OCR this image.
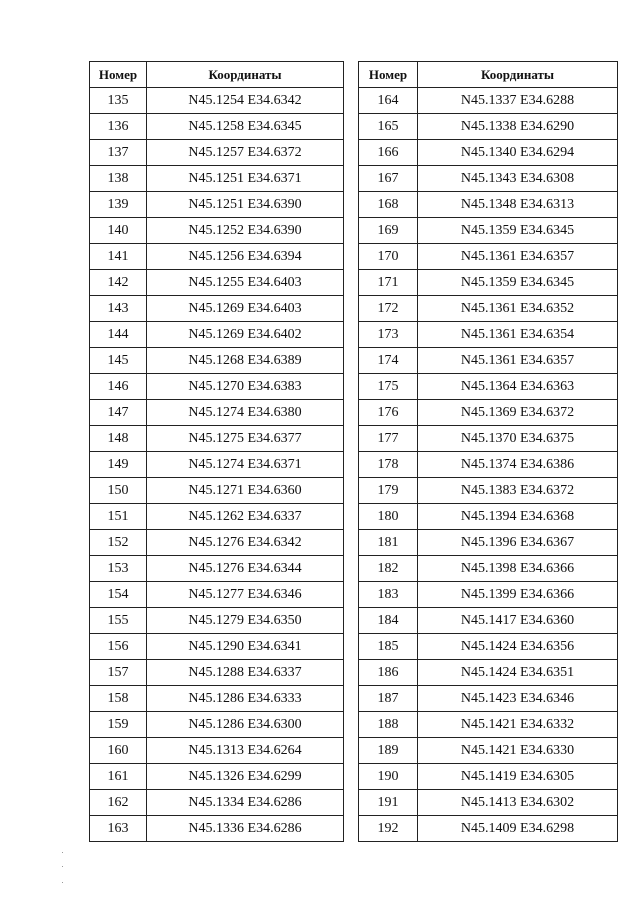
Номер	Координаты
135	N45.1254 E34.6342
136	N45.1258 E34.6345
137	N45.1257 E34.6372
138	N45.1251 E34.6371
139	N45.1251 E34.6390
140	N45.1252 E34.6390
141	N45.1256 E34.6394
142	N45.1255 E34.6403
143	N45.1269 E34.6403
144	N45.1269 E34.6402
145	N45.1268 E34.6389
146	N45.1270 E34.6383
147	N45.1274 E34.6380
148	N45.1275 E34.6377
149	N45.1274 E34.6371
150	N45.1271 E34.6360
151	N45.1262 E34.6337
152	N45.1276 E34.6342
153	N45.1276 E34.6344
154	N45.1277 E34.6346
155	N45.1279 E34.6350
156	N45.1290 E34.6341
157	N45.1288 E34.6337
158	N45.1286 E34.6333
159	N45.1286 E34.6300
160	N45.1313 E34.6264
161	N45.1326 E34.6299
162	N45.1334 E34.6286
163	N45.1336 E34.6286
Номер	Координаты
164	N45.1337 E34.6288
165	N45.1338 E34.6290
166	N45.1340 E34.6294
167	N45.1343 E34.6308
168	N45.1348 E34.6313
169	N45.1359 E34.6345
170	N45.1361 E34.6357
171	N45.1359 E34.6345
172	N45.1361 E34.6352
173	N45.1361 E34.6354
174	N45.1361 E34.6357
175	N45.1364 E34.6363
176	N45.1369 E34.6372
177	N45.1370 E34.6375
178	N45.1374 E34.6386
179	N45.1383 E34.6372
180	N45.1394 E34.6368
181	N45.1396 E34.6367
182	N45.1398 E34.6366
183	N45.1399 E34.6366
184	N45.1417 E34.6360
185	N45.1424 E34.6356
186	N45.1424 E34.6351
187	N45.1423 E34.6346
188	N45.1421 E34.6332
189	N45.1421 E34.6330
190	N45.1419 E34.6305
191	N45.1413 E34.6302
192	N45.1409 E34.6298
